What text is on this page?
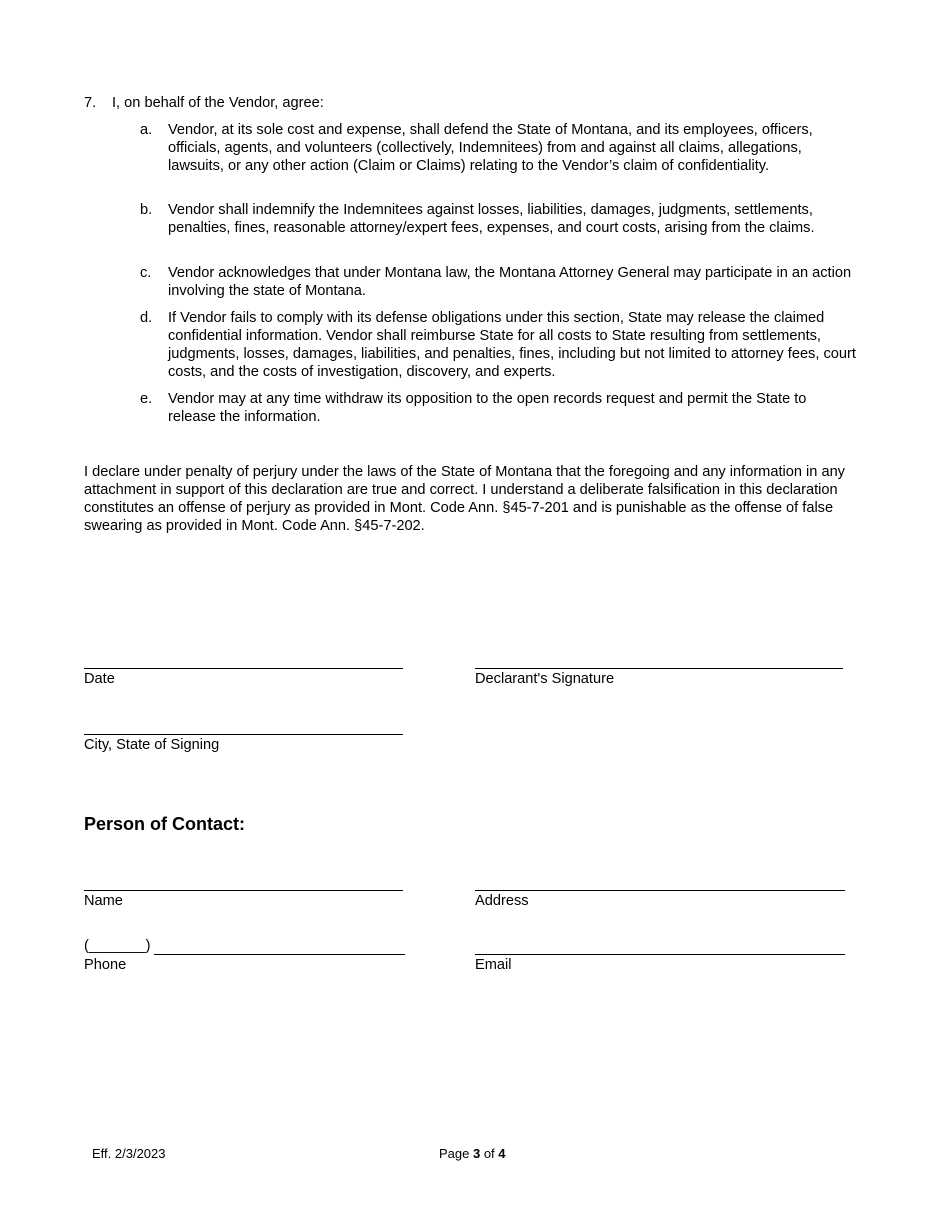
7. I, on behalf of the Vendor, agree:
a. Vendor, at its sole cost and expense, shall defend the State of Montana, and its employees, officers, officials, agents, and volunteers (collectively, Indemnitees) from and against all claims, allegations, lawsuits, or any other action (Claim or Claims) relating to the Vendor’s claim of confidentiality.
b. Vendor shall indemnify the Indemnitees against losses, liabilities, damages, judgments, settlements, penalties, fines, reasonable attorney/expert fees, expenses, and court costs, arising from the claims.
c. Vendor acknowledges that under Montana law, the Montana Attorney General may participate in an action involving the state of Montana.
d. If Vendor fails to comply with its defense obligations under this section, State may release the claimed confidential information. Vendor shall reimburse State for all costs to State resulting from settlements, judgments, losses, damages, liabilities, and penalties, fines, including but not limited to attorney fees, court costs, and the costs of investigation, discovery, and experts.
e. Vendor may at any time withdraw its opposition to the open records request and permit the State to release the information.
I declare under penalty of perjury under the laws of the State of Montana that the foregoing and any information in any attachment in support of this declaration are true and correct. I understand a deliberate falsification in this declaration constitutes an offense of perjury as provided in Mont. Code Ann. §45-7-201 and is punishable as the offense of false swearing as provided in Mont. Code Ann. §45-7-202.
Date	Declarant's Signature
City, State of Signing
Person of Contact:
Name	Address
(_______)
Phone	Email
Eff. 2/3/2023	Page 3 of 4
